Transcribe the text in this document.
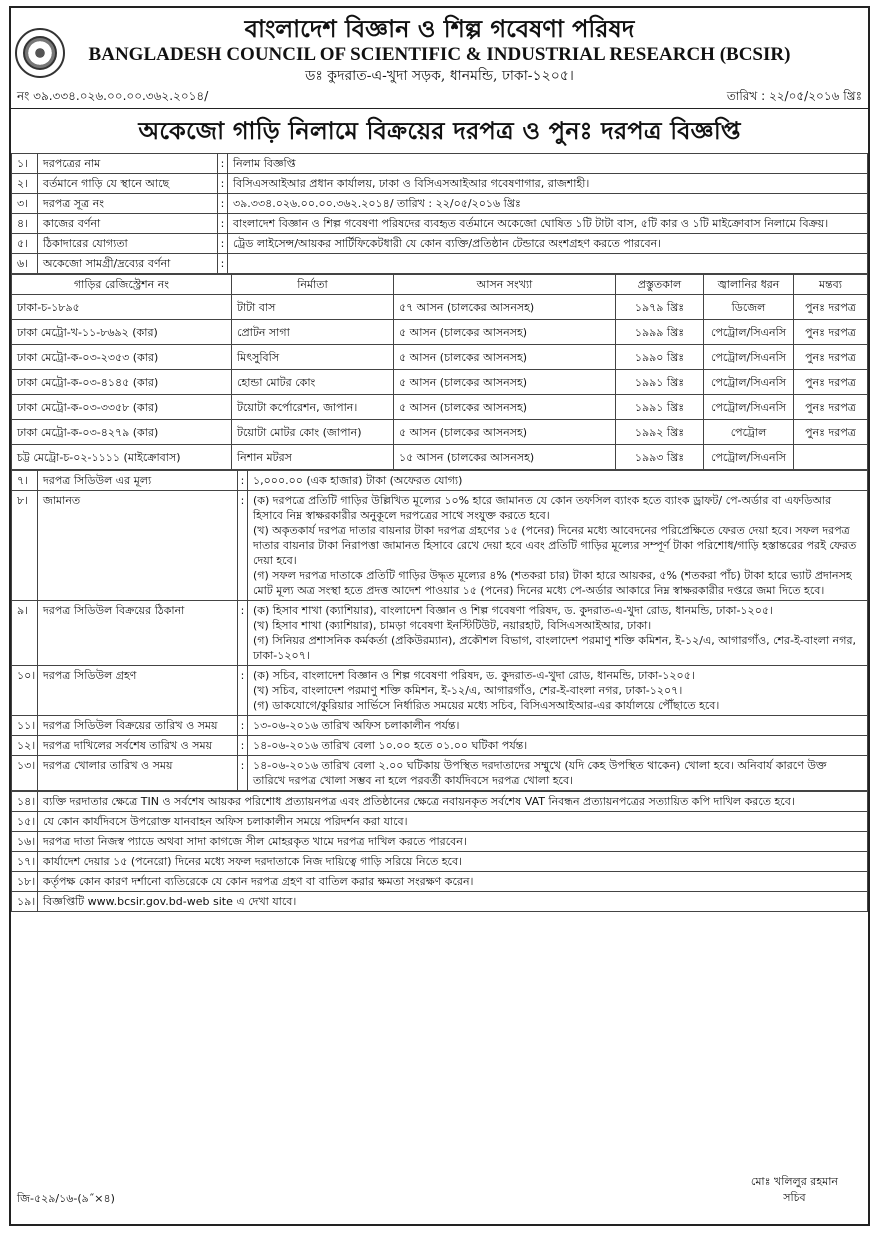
বাংলাদেশ বিজ্ঞান ও শিল্প গবেষণা পরিষদ
BANGLADESH COUNCIL OF SCIENTIFIC & INDUSTRIAL RESEARCH (BCSIR)
ডঃ কুদরাত-এ-খুদা সড়ক, ধানমন্ডি, ঢাকা-১২০৫।
নং ৩৯.৩৩৪.০২৬.০০.০০.৩৬২.২০১৪/	তারিখ : ২২/০৫/২০১৬ খ্রিঃ
অকেজো গাড়ি নিলামে বিক্রয়ের দরপত্র ও পুনঃ দরপত্র বিজ্ঞপ্তি
১।	দরপত্রের নাম	:	নিলাম বিজ্ঞপ্তি
২।	বর্তমানে গাড়ি যে স্থানে আছে	:	বিসিএসআইআর প্রধান কার্যালয়, ঢাকা ও বিসিএসআইআর গবেষণাগার, রাজশাহী।
৩।	দরপত্র সূত্র নং	:	৩৯.৩৩৪.০২৬.০০.০০.৩৬২.২০১৪/ তারিখ : ২২/০৫/২০১৬ খ্রিঃ
৪।	কাজের বর্ণনা	:	বাংলাদেশ বিজ্ঞান ও শিল্প গবেষণা পরিষদের ব্যবহৃত বর্তমানে অকেজো ঘোষিত ১টি টাটা বাস, ৫টি কার ও ১টি মাইক্রোবাস নিলামে বিক্রয়।
৫।	ঠিকাদারের যোগ্যতা	:	ট্রেড লাইসেন্স/আয়কর সার্টিফিকেটধারী যে কোন ব্যক্তি/প্রতিষ্ঠান টেন্ডারে অংশগ্রহণ করতে পারবেন।
৬।	অকেজো সামগ্রী/দ্রব্যের বর্ণনা	:	
গাড়ির রেজিস্ট্রেশন নং	নির্মাতা	আসন সংখ্যা	প্রস্তুতকাল	জ্বালানির ধরন	মন্তব্য
ঢাকা-চ-১৮৯৫	টাটা বাস	৫৭ আসন (চালকের আসনসহ)	১৯৭৯ খ্রিঃ	ডিজেল	পুনঃ দরপত্র
ঢাকা মেট্রো-খ-১১-৮৬৯২ (কার)	প্রোটন সাগা	৫ আসন (চালকের আসনসহ)	১৯৯৯ খ্রিঃ	পেট্রোল/সিএনসি	পুনঃ দরপত্র
ঢাকা মেট্রো-ক-০৩-২৩৫৩ (কার)	মিৎসুবিসি	৫ আসন (চালকের আসনসহ)	১৯৯০ খ্রিঃ	পেট্রোল/সিএনসি	পুনঃ দরপত্র
ঢাকা মেট্রো-ক-০৩-৪১৪৫ (কার)	হোন্ডা মোটর কোং	৫ আসন (চালকের আসনসহ)	১৯৯১ খ্রিঃ	পেট্রোল/সিএনসি	পুনঃ দরপত্র
ঢাকা মেট্রো-ক-০৩-৩৩৫৮ (কার)	টয়োটা কর্পোরেশন, জাপান।	৫ আসন (চালকের আসনসহ)	১৯৯১ খ্রিঃ	পেট্রোল/সিএনসি	পুনঃ দরপত্র
ঢাকা মেট্রো-ক-০৩-৪২৭৯ (কার)	টয়োটা মোটর কোং (জাপান)	৫ আসন (চালকের আসনসহ)	১৯৯২ খ্রিঃ	পেট্রোল	পুনঃ দরপত্র
চট্ট মেট্রো-চ-০২-১১১১ (মাইক্রোবাস)	নিশান মটরস	১৫ আসন (চালকের আসনসহ)	১৯৯৩ খ্রিঃ	পেট্রোল/সিএনসি	
৭।	দরপত্র সিডিউল এর মূল্য	:	১,০০০.০০ (এক হাজার) টাকা (অফেরত যোগ্য)

৮।	জামানত	:	(ক) দরপত্রে প্রতিটি গাড়ির উল্লিখিত মূল্যের ১০% হারে জামানত যে কোন তফসিল ব্যাংক হতে ব্যাংক ড্রাফট/ পে-অর্ডার বা এফডিআর হিসাবে নিম্ন স্বাক্ষরকারীর অনুকূলে দরপত্রের সাথে সংযুক্ত করতে হবে।
(খ) অকৃতকার্য দরপত্র দাতার বায়নার টাকা দরপত্র গ্রহণের ১৫ (পনের) দিনের মধ্যে আবেদনের পরিপ্রেক্ষিতে ফেরত দেয়া হবে। সফল দরপত্র দাতার বায়নার টাকা নিরাপত্তা জামানত হিসাবে রেখে দেয়া হবে এবং প্রতিটি গাড়ির মূল্যের সম্পূর্ণ টাকা পরিশোধ/গাড়ি হস্তান্তরের পরই ফেরত দেয়া হবে।
(গ) সফল দরপত্র দাতাকে প্রতিটি গাড়ির উদ্ধৃত মূল্যের ৪% (শতকরা চার) টাকা হারে আয়কর, ৫% (শতকরা পাঁচ) টাকা হারে ভ্যাট প্রদানসহ মোট মূল্য অত্র সংস্থা হতে প্রদত্ত আদেশ পাওয়ার ১৫ (পনের) দিনের মধ্যে পে-অর্ডার আকারে নিম্ন স্বাক্ষরকারীর দপ্তরে জমা দিতে হবে।

৯।	দরপত্র সিডিউল বিক্রয়ের ঠিকানা	:	(ক) হিসাব শাখা (ক্যাশিয়ার), বাংলাদেশ বিজ্ঞান ও শিল্প গবেষণা পরিষদ, ড. কুদরাত-এ-খুদা রোড, ধানমন্ডি, ঢাকা-১২০৫।
(খ) হিসাব শাখা (ক্যাশিয়ার), চামড়া গবেষণা ইনস্টিটিউট, নয়ারহাট, বিসিএসআইআর, ঢাকা।
(গ) সিনিয়র প্রশাসনিক কর্মকর্তা (প্রকিউরম্যান), প্রকৌশল বিভাগ, বাংলাদেশ পরমাণু শক্তি কমিশন, ই-১২/এ, আগারগাঁও, শের-ই-বাংলা নগর, ঢাকা-১২০৭।

১০।	দরপত্র সিডিউল গ্রহণ	:	(ক) সচিব, বাংলাদেশ বিজ্ঞান ও শিল্প গবেষণা পরিষদ, ড. কুদরাত-এ-খুদা রোড, ধানমন্ডি, ঢাকা-১২০৫।
(খ) সচিব, বাংলাদেশ পরমাণু শক্তি কমিশন, ই-১২/এ, আগারগাঁও, শের-ই-বাংলা নগর, ঢাকা-১২০৭।
(গ) ডাকযোগে/কুরিয়ার সার্ভিসে নির্ধারিত সময়ের মধ্যে সচিব, বিসিএসআইআর-এর কার্যালয়ে পৌঁছাতে হবে।

১১।	দরপত্র সিডিউল বিক্রয়ের তারিখ ও সময়	:	১৩-০৬-২০১৬ তারিখ অফিস চলাকালীন পর্যন্ত।

১২।	দরপত্র দাখিলের সর্বশেষ তারিখ ও সময়	:	১৪-০৬-২০১৬ তারিখ বেলা ১০.০০ হতে ০১.০০ ঘটিকা পর্যন্ত।

১৩।	দরপত্র খোলার তারিখ ও সময়	:	১৪-০৬-২০১৬ তারিখ বেলা ২.০০ ঘটিকায় উপস্থিত দরদাতাদের সম্মুখে (যদি কেহ উপস্থিত থাকেন) খোলা হবে। অনিবার্য কারণে উক্ত তারিখে দরপত্র খোলা সম্ভব না হলে পরবর্তী কার্যদিবসে দরপত্র খোলা হবে।
১৪।	ব্যক্তি দরদাতার ক্ষেত্রে TIN ও সর্বশেষ আয়কর পরিশোধ প্রত্যায়নপত্র এবং প্রতিষ্ঠানের ক্ষেত্রে নবায়নকৃত সর্বশেষ VAT নিবন্ধন প্রত্যায়নপত্রের সত্যায়িত কপি দাখিল করতে হবে।
১৫।	যে কোন কার্যদিবসে উপরোক্ত যানবাহন অফিস চলাকালীন সময়ে পরিদর্শন করা যাবে।
১৬।	দরপত্র দাতা নিজস্ব প্যাডে অথবা সাদা কাগজে সীল মোহরকৃত খামে দরপত্র দাখিল করতে পারবেন।
১৭।	কার্যাদেশ দেয়ার ১৫ (পনেরো) দিনের মধ্যে সফল দরদাতাকে নিজ দায়িত্বে গাড়ি সরিয়ে নিতে হবে।
১৮।	কর্তৃপক্ষ কোন কারণ দর্শানো ব্যতিরেকে যে কোন দরপত্র গ্রহণ বা বাতিল করার ক্ষমতা সংরক্ষণ করেন।
১৯।	বিজ্ঞপ্তিটি www.bcsir.gov.bd-web site এ দেখা যাবে।
জি-৫২৯/১৬-(৯˝×৪)
মোঃ খলিলুর রহমান
সচিব
